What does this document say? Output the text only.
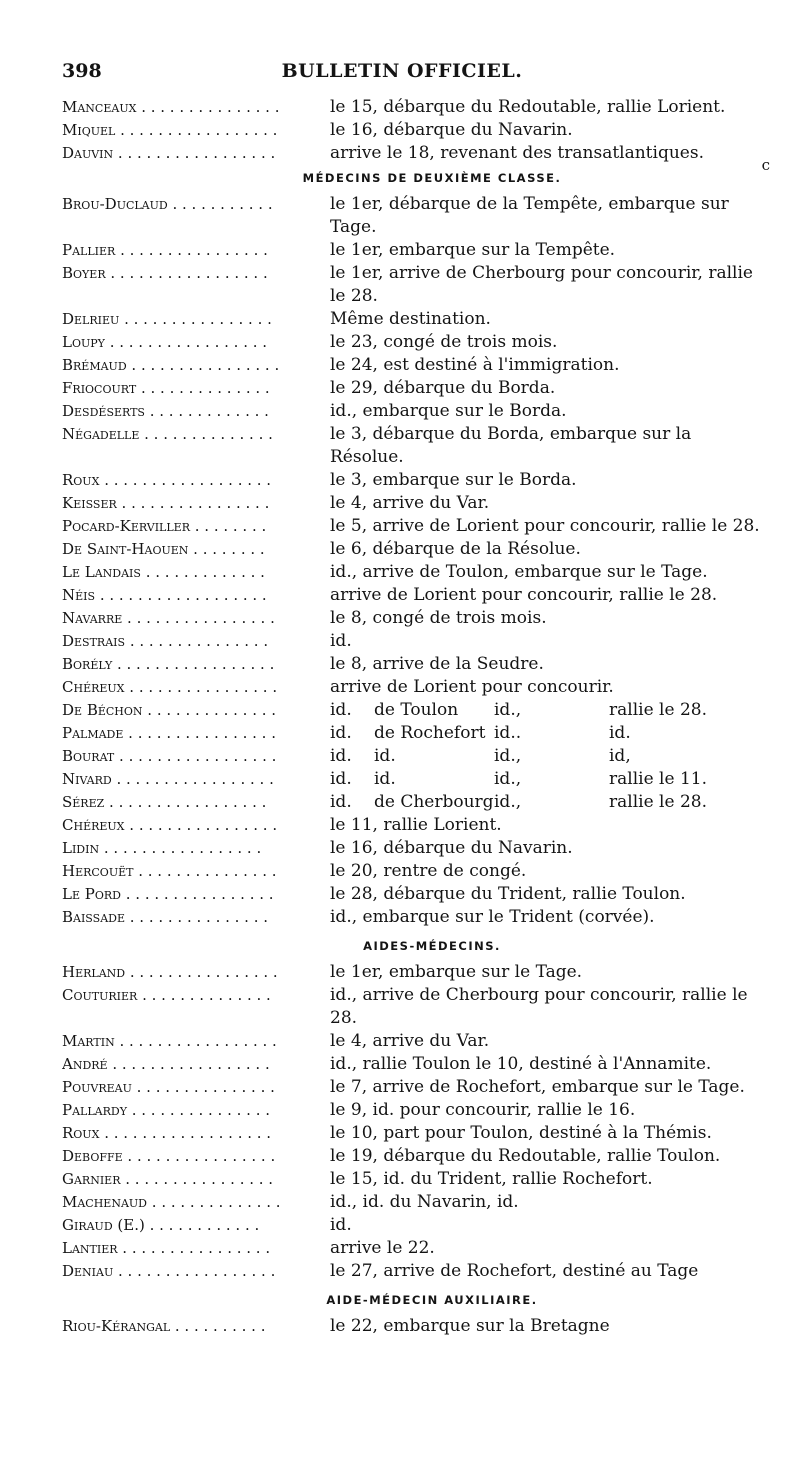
398	BULLETIN OFFICIEL.
Manceaux . . . . . . . . . . . . . . .	le 15, débarque du Redoutable, rallie Lorient.
Miquel . . . . . . . . . . . . . . . . .	le 16, débarque du Navarin.
Dauvin . . . . . . . . . . . . . . . . .	arrive le 18, revenant des transatlantiques.
MÉDECINS DE DEUXIÈME CLASSE.
Brou-Duclaud . . . . . . . . . . .	le 1er, débarque de la Tempête, embarque sur Tage.
Pallier . . . . . . . . . . . . . . . .	le 1er, embarque sur la Tempête.
Boyer . . . . . . . . . . . . . . . . .	le 1er, arrive de Cherbourg pour concourir, rallie le 28.
Delrieu . . . . . . . . . . . . . . . .	Même destination.
Loupy . . . . . . . . . . . . . . . . .	le 23, congé de trois mois.
Brémaud . . . . . . . . . . . . . . . .	le 24, est destiné à l'immigration.
Friocourt . . . . . . . . . . . . . .	le 29, débarque du Borda.
Desdéserts . . . . . . . . . . . . .	id., embarque sur le Borda.
Négadelle . . . . . . . . . . . . . .	le 3, débarque du Borda, embarque sur la Résolue.
Roux . . . . . . . . . . . . . . . . . .	le 3, embarque sur le Borda.
Keisser . . . . . . . . . . . . . . . .	le 4, arrive du Var.
Pocard-Kerviller . . . . . . . .	le 5, arrive de Lorient pour concourir, rallie le 28.
De Saint-Haouen . . . . . . . .	le 6, débarque de la Résolue.
Le Landais . . . . . . . . . . . . .	id., arrive de Toulon, embarque sur le Tage.
Néis . . . . . . . . . . . . . . . . . .	arrive de Lorient pour concourir, rallie le 28.
Navarre . . . . . . . . . . . . . . . .	le 8, congé de trois mois.
Destrais . . . . . . . . . . . . . . .	id.
Borély . . . . . . . . . . . . . . . . .	le 8, arrive de la Seudre.
Chéreux . . . . . . . . . . . . . . . .	arrive de Lorient pour concourir.
De Béchon . . . . . . . . . . . . . .	id.	de Toulon	id.,	rallie le 28.
Palmade . . . . . . . . . . . . . . . .	id.	de Rochefort id..	id.
Bourat . . . . . . . . . . . . . . . . .	id.	id.	id.,	id,
Nivard . . . . . . . . . . . . . . . . .	id.	id.	id.,	rallie le 11.
Sérez . . . . . . . . . . . . . . . . .	id.	de Cherbourg id.,	rallie le 28.
Chéreux . . . . . . . . . . . . . . . .	le 11, rallie Lorient.
Lidin . . . . . . . . . . . . . . . . .	le 16, débarque du Navarin.
Hercouët . . . . . . . . . . . . . . .	le 20, rentre de congé.
Le Pord . . . . . . . . . . . . . . . .	le 28, débarque du Trident, rallie Toulon.
Baissade . . . . . . . . . . . . . . .	id., embarque sur le Trident (corvée).
AIDES-MÉDECINS.
Herland . . . . . . . . . . . . . . . .	le 1er, embarque sur le Tage.
Couturier . . . . . . . . . . . . . .	id., arrive de Cherbourg pour concourir, rallie le 28.
Martin . . . . . . . . . . . . . . . . .	le 4, arrive du Var.
André . . . . . . . . . . . . . . . . .	id., rallie Toulon le 10, destiné à l'Annamite.
Pouvreau . . . . . . . . . . . . . . .	le 7, arrive de Rochefort, embarque sur le Tage.
Pallardy . . . . . . . . . . . . . . .	le 9, id. pour concourir, rallie le 16.
Roux . . . . . . . . . . . . . . . . . .	le 10, part pour Toulon, destiné à la Thémis.
Deboffe . . . . . . . . . . . . . . . .	le 19, débarque du Redoutable, rallie Toulon.
Garnier . . . . . . . . . . . . . . . .	le 15, id. du Trident, rallie Rochefort.
Machenaud . . . . . . . . . . . . . .	id., id. du Navarin, id.
Giraud (E.) . . . . . . . . . . . .	id.
Lantier . . . . . . . . . . . . . . . .	arrive le 22.
Deniau . . . . . . . . . . . . . . . . .	le 27, arrive de Rochefort, destiné au Tage
AIDE-MÉDECIN AUXILIAIRE.
Riou-Kérangal . . . . . . . . . .	le 22, embarque sur la Bretagne
c
